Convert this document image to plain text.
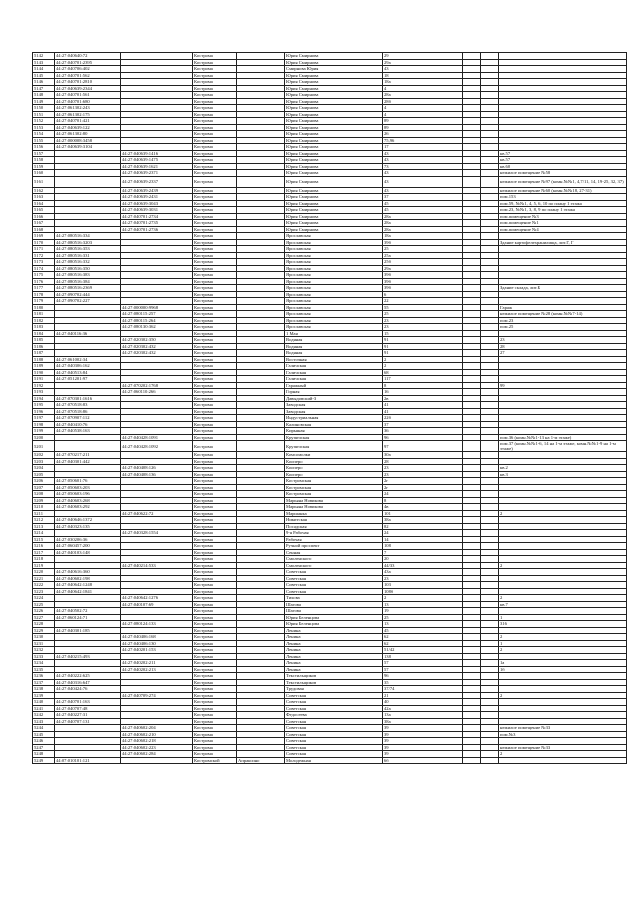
5142	44:27:040640:72		Кострома		Юрия Смирнова	29			
5143	44:27:040701:2395		Кострома		Юрия Смирнова	29а			
5144	44:27:040706:402		Кострома		Смирнова Юрия	43			
5145	44:27:040701:562		Кострома		Юрия Смирнова	18			
5146	44:27:040701:2810		Кострома		Юрия Смирнова	18а			
5147	44:27:040639:2344		Кострома		Юрия Смирнова	4			
5148	44:27:040701:561		Кострома		Юрия Смирнова	28а			
5149	44:27:040701:680		Кострома		Юрия Смирнова	28б			
5150	44:27:061302:243		Кострома		Юрия Смирнова	4			
5151	44:27:061302:175		Кострома		Юрия Смирнова	4			
5152	44:27:040701:421		Кострома		Юрия Смирнова	89			
5153	44:27:040639:122		Кострома		Юрия Смирнова	89			
5154	44:27:061302:80		Кострома		Юрия Смирнова	26			
5155	44:27:000008:3458		Кострома		Юрия Смирнова	75,96			
5156	44:27:040639:3104		Кострома		Юрия Смирнова	17			
5157		44:27:040639:1416	Кострома		Юрия Смирнова	43			кв.57
5158		44:27:040639:1475	Кострома		Юрия Смирнова	43			кв.57
5159		44:27:040639:1621	Кострома		Юрия Смирнова	73			кв.60
5160		44:27:040639:2371	Кострома		Юрия Смирнова	43			нежилое помещение №58
5161		44:27:040639:2337	Кострома		Юрия Смирнова	43			нежилое помещение №97 (комн.№№1, 4,7/11, 14, 19-25, 32, 37)
5162		44:27:040639:2439	Кострома		Юрия Смирнова	43			нежилое помещение №60 (комн.№№18, 27-31)
5163		44:27:040639:2431	Кострома		Юрия Смирнова	37			пом.153
5164		44:27:040639:3043	Кострома		Юрия Смирнова	45			пом.59, №№1, 4, 5, 6, 10 по плану 1 этажа
5165		44:27:040639:3031	Кострома		Юрия Смирнова	45			пом.23, №№1, 3, 8, 9 по плану 1 этажа
5166		44:27:040701:2734	Кострома		Юрия Смирнова	28а			пом.помещение №3
5167		44:27:040701:2735	Кострома		Юрия Смирнова	28а			пом.помещение №1
5168		44:27:040701:2736	Кострома		Юрия Смирнова	28а			пом.помещение №4
5169	44:27:080516:334		Кострома		Ярославская	18а			
5170	44:27:080516:3203		Кострома		Ярославская	39б			Здание картофелехранилища, лит.Г, Г
5171	44:27:080516:353		Кострома		Ярославская	25			
5172	44:27:080516:331		Кострома		Ярославская	25а			
5173	44:27:080516:332		Кострома		Ярославская	25б			
5174	44:27:080516:350		Кострома		Ярославская	29а			
5175	44:27:080516:383		Кострома		Ярославская	39б			
5176	44:27:080516:384		Кострома		Ярославская	39б			
5177	44:27:080516:2369		Кострома		Ярославская	39б			Здание склада, лит.Б
5178	44:27:090702:444		Кострома		Ярославская	6			
5179	44:27:090702:227		Кострома		Ярославская	22			
5180		44:27:000000:9968	Кострома		Ярославская	55			Гараж
5181		44:27:080115:257	Кострома		Ярославская	25			нежилое помещение №28 (комн.№№7-14)
5182		44:27:080115:264	Кострома		Ярославская	23			пом.23
5183		44:27:080130:362	Кострома		Ярославская	23			пом.25
5184	44:27:040116:36		Кострома		1 Мая	15			
5185		44:27:020302:350	Кострома		Водяная	91			23
5186		44:27:020302:432	Кострома		Водяная	91			28
5187		44:27:020302:432	Кострома		Водяная	91			27
5188	44:27:061002:34		Кострома		Восточная	2			
5189	44:27:040306:162		Кострома		Галичская	2			
5190	44:27:040513:84		Кострома		Галичская	68			
5191	44:27:051201:97		Кострома		Галичская	117			
5192		44:27:070202:1768	Кострома		Гаражный	8			99
5193		44:27:060110:266	Кострома		Горная	16			
5194	44:27:070301:1616		Кострома		Давыдовский-3	2в			
5195	44:27:070518:83		Кострома		Заводская	41			
5196	44:27:070518:86		Кострома		Заводская	41			
5197	44:27:070907:112		Кострома		Индустриальная	22б			
5198	44:27:040410:76		Кострома		Калиновская	37			
5199	44:27:040538:163		Кострома		Кирьяная	36			
5200		44:27:040428:1091	Кострома		Крупичская	96			пом.36 (комн.№№1-13 на 1-м этаже)
5201		44:27:040428:1092	Кострома		Крупичская	97			пом.37 (комн.№№1-6, 14 на 1-м этаже, комн.№№1-9 на 1-м этаже)
5202	44:27:070217:211		Кострома		Комсомолки	30а			
5203	44:27:040301:442		Кострома		Кооперо	28			
5204		44:27:040408:126	Кострома		Кооперо	23			кв.2
5205		44:27:040408:136	Кострома		Кооперо	23			кв.3
5206	44:27:050601:76		Кострома		Костромская	2г			
5207	44:27:050603:203		Кострома		Костромская	2г			
5208	44:27:050603:196		Кострома		Костромская	24			
5209	44:27:040603:268		Кострома		Марьяна Новикова	8			
5210	44:27:040603:292		Кострома		Марьяна Новикова	4в			
5211		44:27:040622:72	Кострома		Маршанка	101			2
5212	44:27:040646:1372		Кострома		Никитская	38а			
5213	44:27:040323:135		Кострома		Посадская	82			
5214		44:27:040328:1554	Кострома		9-я Рабочая	24			
5215	44:27:030206:36		Кострома		Рабочая	14			
5216	44:27:060457:200		Кострома		Ручной проспект	108			
5217	44:27:040103:148		Кострома		Сенная	7			
5218			Кострома		Смоленского	20			
5219		44:27:040214:533	Кострома		Смоленского	44/33			2
5220	44:27:040616:360		Кострома		Советская	43а			
5221	44:27:040602:198		Кострома		Советская	23			
5222	44:27:040642:1248		Кострома		Советская	103			
5223	44:27:040642:1841		Кострома		Советская	108б			
5224		44:27:040642:1276	Кострома		Тихова	2			2
5225		44:27:040107:69	Кострома		Шагова	13			кв.7
5226	44:27:040502:72		Кострома		Шагова	19			
5227	44:27:060124:71		Кострома		Юрия Беленцова	25			1
5228		44:27:080124:133	Кострома		Юрия Беленцова	13			316
5229	44:27:040301:185		Кострома		Ленина	45			
5230		44:27:040406:168	Кострома		Ленина	62			2
5231		44:27:040406:130	Кострома		Ленина	62			1
5232		44:27:040201:153	Кострома		Ленина	51/42			2
5233	44:27:040215:493		Кострома		Ленина	138			
5234		44:27:040202:211	Кострома		Ленина	57			1а
5235		44:27:040202:213	Кострома		Ленина	57			1б
5236	44:27:040222:625		Кострома		Текстильщиков	96			
5237	44:27:040316:647		Кострома		Текстильщиков	35			
5238	44:27:040424:76		Кострома		Трудовая	37/74			
5239		44:27:040709:274	Кострома		Советская	21			2
5240	44:27:040701:163		Кострома		Советская	40			
5241	44:27:040707:48		Кострома		Советская	42а			
5242	44:27:040227:31		Кострома		Федосеева	13а			
5243	44:27:040707:131		Кострома		Советская	38а			
5244		44:27:040602:204	Кострома		Советская	39			нежилое помещение №33
5245		44:27:040602:210	Кострома		Советская	39			пом.№3
5246		44:27:040602:218	Кострома		Советская	39			
5247		44:27:040602:223	Кострома		Советская	39			нежилое помещение №33
5248		44:27:040602:284	Кострома		Советская	39			2
5249	44:07:010101:121		Костромской	Апраксино	Молодежная	6б			
